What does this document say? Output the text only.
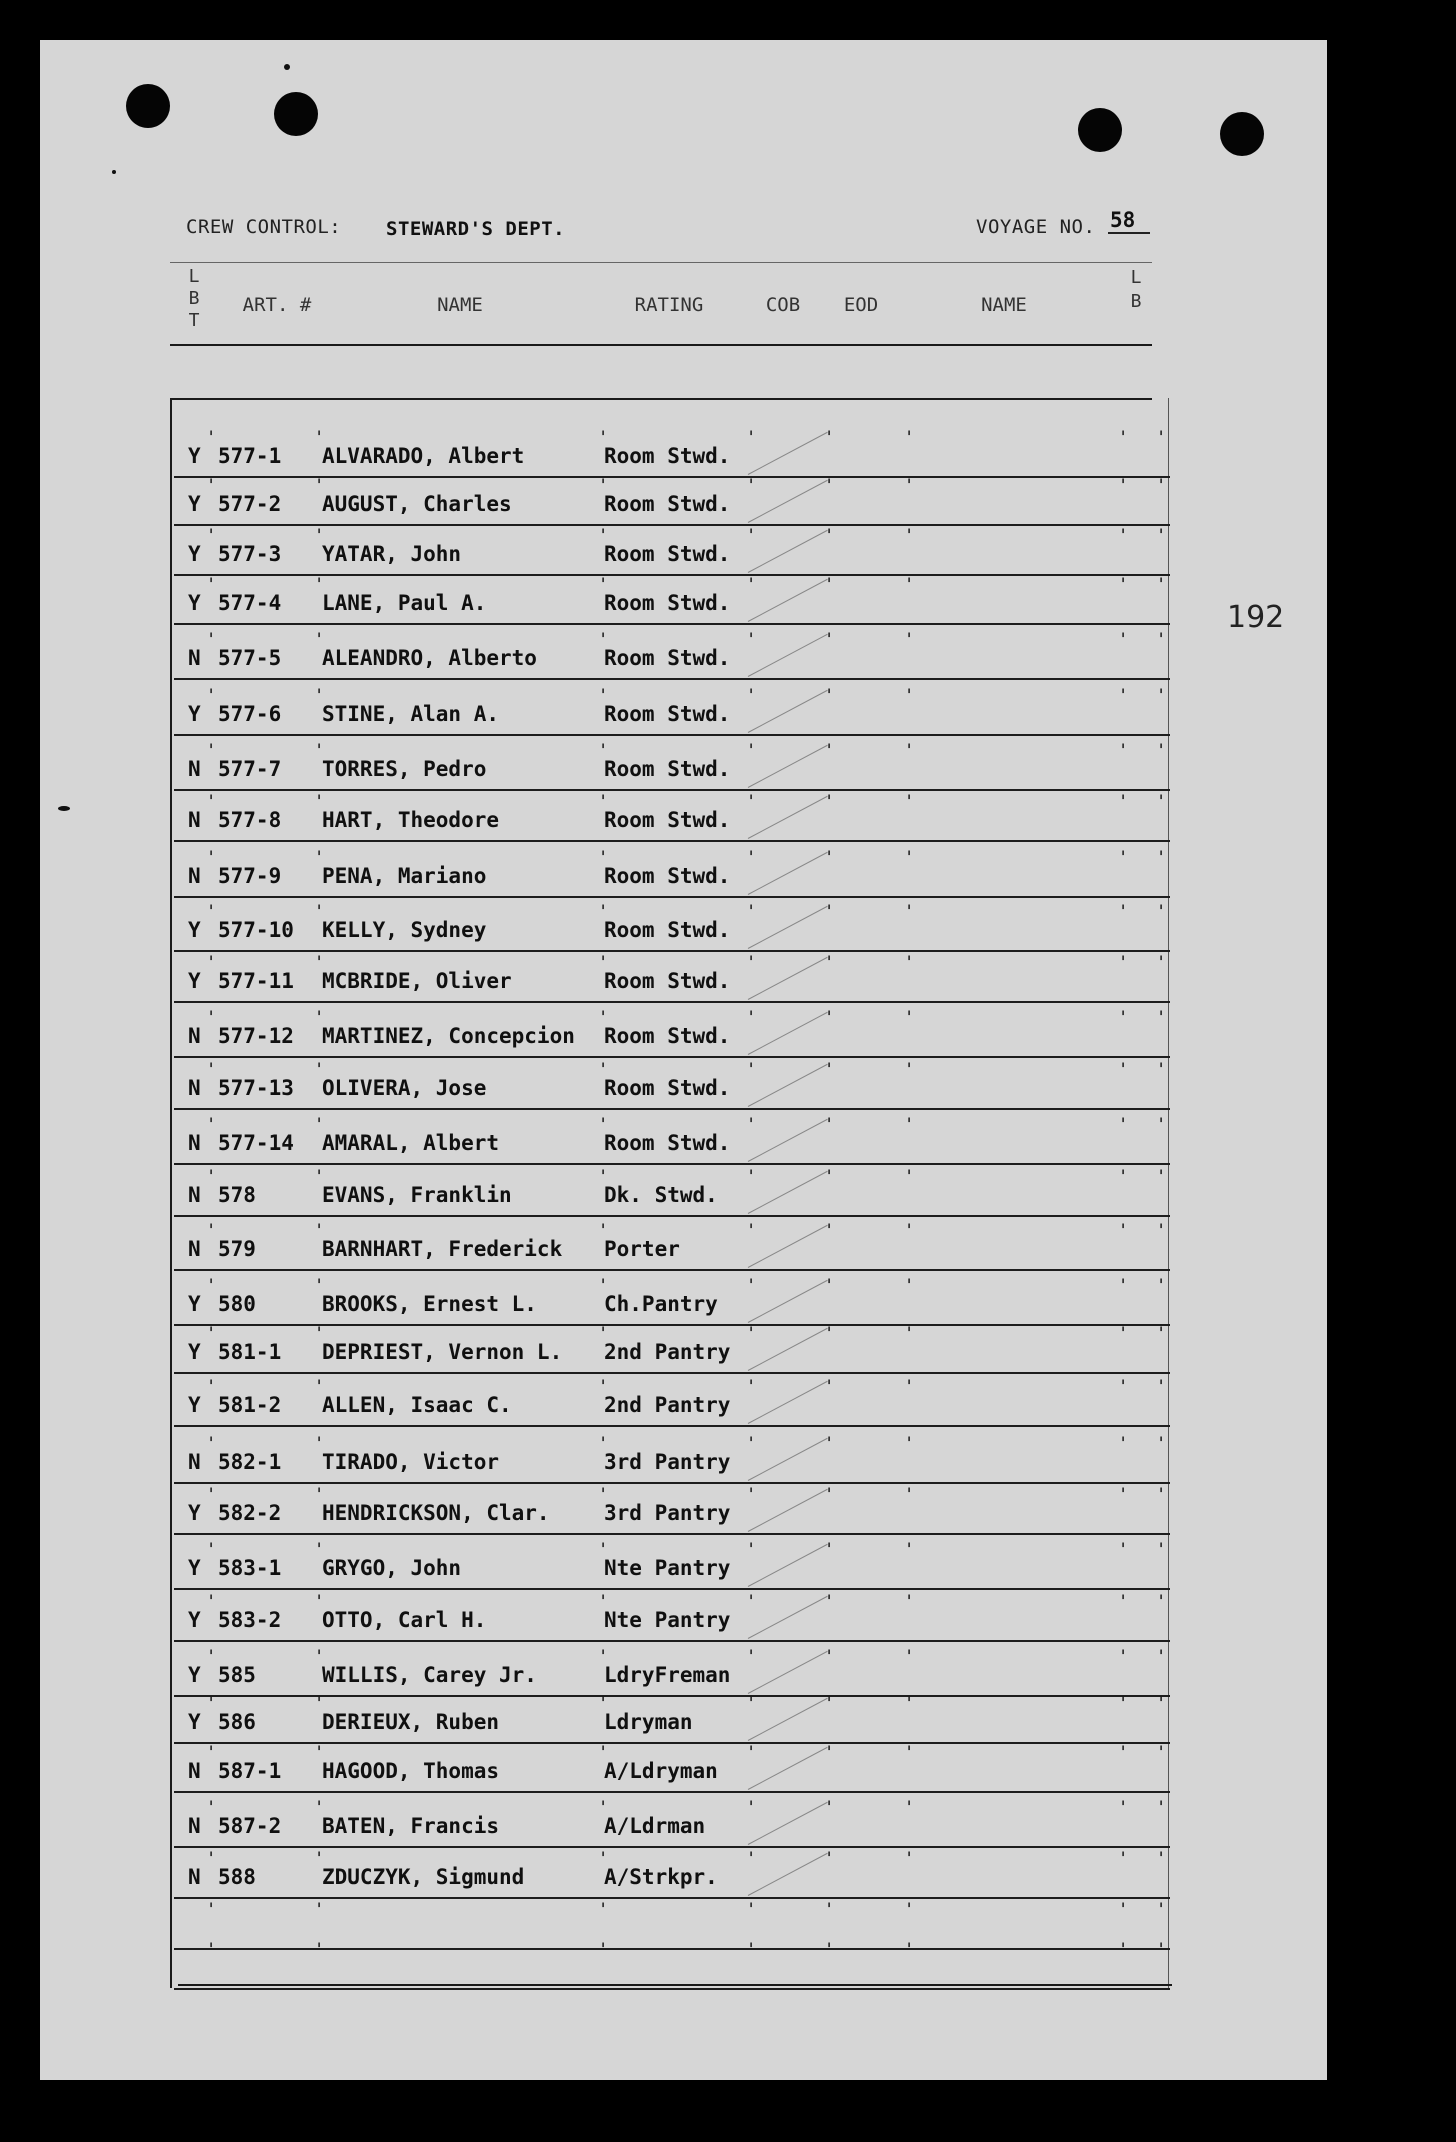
CREW CONTROL: STEWARD'S DEPT.	VOYAGE NO. 58
L
B
T
ART. #	NAME	RATING	COB	EOD	NAME
L
B
Y 577-1	ALVARADO, Albert	Room Stwd.
'	'	'	'	'	'	' '
Y 577-2	AUGUST, Charles	Room Stwd.
'	'	'	'	'	'	' '
Y 577-3	YATAR, John	Room Stwd.
'	'	'	'	'	'	' '
Y 577-4	LANE, Paul A.	Room Stwd.
'	'	'	'	'	'	' '
N 577-5	ALEANDRO, Alberto	Room Stwd.
'	'	'	'	'	'	' '
Y 577-6	STINE, Alan A.	Room Stwd.
'	'	'	'	'	'	' '
N 577-7	TORRES, Pedro	Room Stwd.
'	'	'	'	'	'	' '
N 577-8	HART, Theodore	Room Stwd.
'	'	'	'	'	'	' '
N 577-9	PENA, Mariano	Room Stwd.
'	'	'	'	'	'	' '
Y 577-10	KELLY, Sydney	Room Stwd.
'	'	'	'	'	'	' '
Y 577-11	MCBRIDE, Oliver	Room Stwd.
'	'	'	'	'	'	' '
N 577-12	MARTINEZ, Concepcion	Room Stwd.
'	'	'	'	'	'	' '
N 577-13	OLIVERA, Jose	Room Stwd.
'	'	'	'	'	'	' '
N 577-14	AMARAL, Albert	Room Stwd.
'	'	'	'	'	'	' '
N 578	EVANS, Franklin	Dk. Stwd.
'	'	'	'	'	'	' '
N 579	BARNHART, Frederick	Porter
'	'	'	'	'	'	' '
Y 580	BROOKS, Ernest L.	Ch.Pantry
'	'	'	'	'	'	' '
Y 581-1	DEPRIEST, Vernon L.	2nd Pantry
'	'	'	'	'	'	' '
Y 581-2	ALLEN, Isaac C.	2nd Pantry
'	'	'	'	'	'	' '
N 582-1	TIRADO, Victor	3rd Pantry
'	'	'	'	'	'	' '
Y 582-2	HENDRICKSON, Clar.	3rd Pantry
'	'	'	'	'	'	' '
Y 583-1	GRYGO, John	Nte Pantry
'	'	'	'	'	'	' '
Y 583-2	OTTO, Carl H.	Nte Pantry
'	'	'	'	'	'	' '
Y 585	WILLIS, Carey Jr.	LdryFreman
'	'	'	'	'	'	' '
Y 586	DERIEUX, Ruben	Ldryman
'	'	'	'	'	'	' '
N 587-1	HAGOOD, Thomas	A/Ldryman
'	'	'	'	'	'	' '
N 587-2	BATEN, Francis	A/Ldrman
'	'	'	'	'	'	' '
N 588	ZDUCZYK, Sigmund	A/Strkpr.
'	'	'	'	'	'	' '
'	'	'	'	'	'	' '
'	'	'	'	'	'	' '
192
